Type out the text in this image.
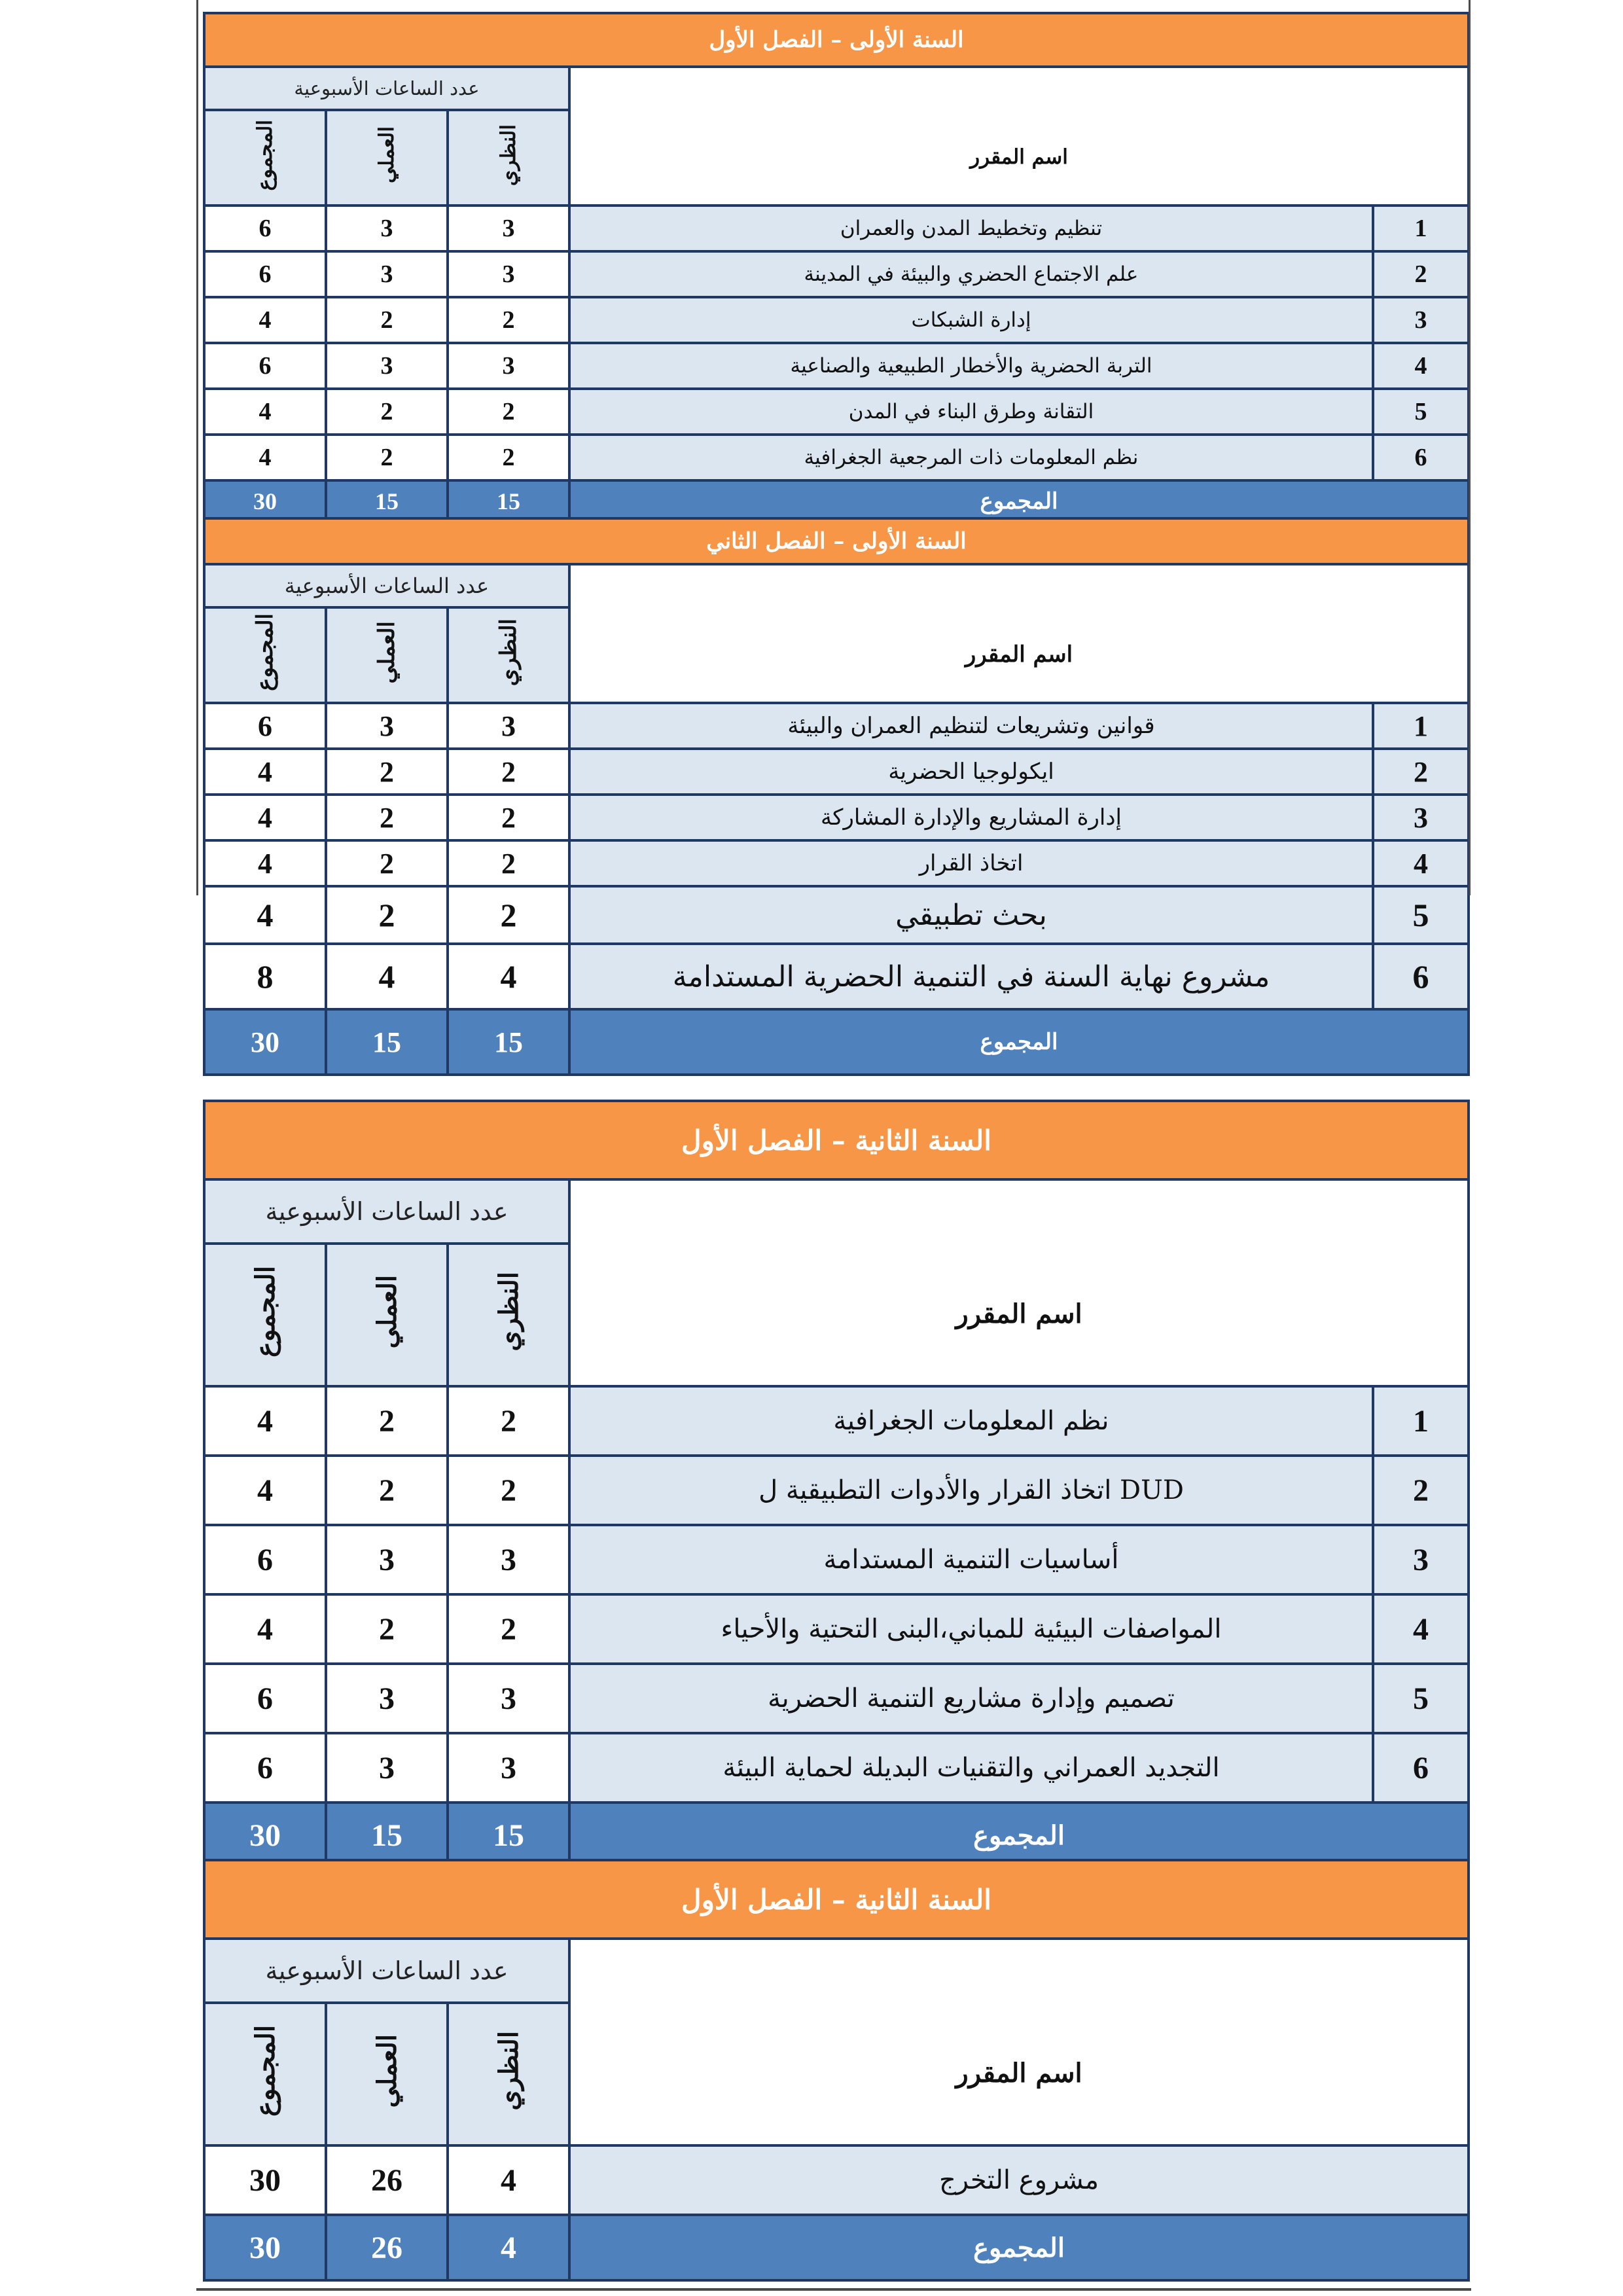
السنة الأولى – الفصل الأول				
عدد الساعات الأسبوعية			اسم المقرر	

المجموع	العملي	النظري		
6	3	3	تنظيم وتخطيط المدن والعمران	1
6	3	3	علم الاجتماع الحضري والبيئة في المدينة	2
4	2	2	إدارة الشبكات	3
6	3	3	التربة الحضرية والأخطار الطبيعية والصناعية	4
4	2	2	التقانة وطرق البناء في المدن	5
4	2	2	نظم المعلومات ذات المرجعية الجغرافية	6
30	15	15	المجموع	
السنة الأولى – الفصل الثاني				
عدد الساعات الأسبوعية			اسم المقرر	

المجموع	العملي	النظري		
6	3	3	قوانين وتشريعات لتنظيم العمران والبيئة	1
4	2	2	ايكولوجيا الحضرية	2
4	2	2	إدارة المشاريع والإدارة المشاركة	3
4	2	2	اتخاذ القرار	4
4	2	2	بحث تطبيقي	5
8	4	4	مشروع نهاية السنة في التنمية الحضرية المستدامة	6
30	15	15	المجموع	
السنة الثانية – الفصل الأول				
عدد الساعات الأسبوعية			اسم المقرر	

المجموع	العملي	النظري		
4	2	2	نظم المعلومات الجغرافية	1
4	2	2	اتخاذ القرار والأدوات التطبيقية ل DUD	2
6	3	3	أساسيات التنمية المستدامة	3
4	2	2	المواصفات البيئية للمباني،البنى التحتية والأحياء	4
6	3	3	تصميم وإدارة مشاريع التنمية الحضرية	5
6	3	3	التجديد العمراني والتقنيات البديلة لحماية البيئة	6
30	15	15	المجموع	
السنة الثانية – الفصل الأول			
عدد الساعات الأسبوعية			اسم المقرر

المجموع	العملي	النظري	
30	26	4	مشروع التخرج
30	26	4	المجموع
